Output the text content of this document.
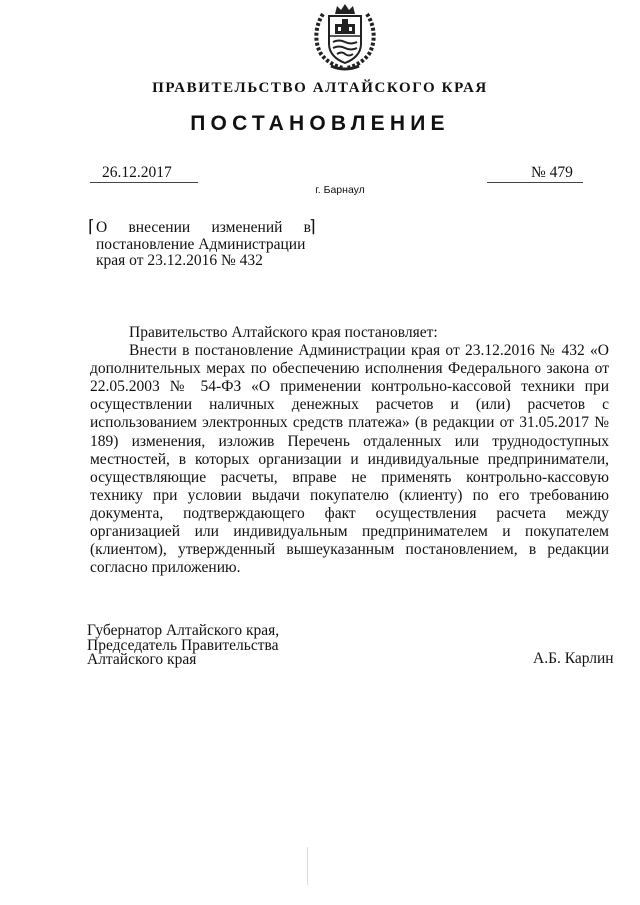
ПРАВИТЕЛЬСТВО АЛТАЙСКОГО КРАЯ
ПОСТАНОВЛЕНИЕ
26.12.2017	№ 479
г. Барнаул
⌈	⌉
О внесении изменений в
постановление Администрации
края от 23.12.2016 № 432

Правительство Алтайского края постановляет:

Внести в постановление Администрации края от 23.12.2016 № 432 «О дополнительных мерах по обеспечению исполнения Федерального закона от 22.05.2003 № 54-ФЗ «О применении контрольно-кассовой техники при осуществлении наличных денежных расчетов и (или) расчетов с использованием электронных средств платежа» (в редакции от 31.05.2017 № 189) изменения, изложив Перечень отдаленных или труднодоступных местностей, в которых организации и индивидуальные предприниматели, осуществляющие расчеты, вправе не применять контрольно-кассовую технику при условии выдачи покупателю (клиенту) по его требованию документа, подтверждающего факт осуществления расчета между организацией или индивидуальным предпринимателем и покупателем (клиентом), утвержденный вышеуказанным постановлением, в редакции согласно приложению.

Губернатор Алтайского края,
Председатель Правительства
Алтайского края	А.Б. Карлин
